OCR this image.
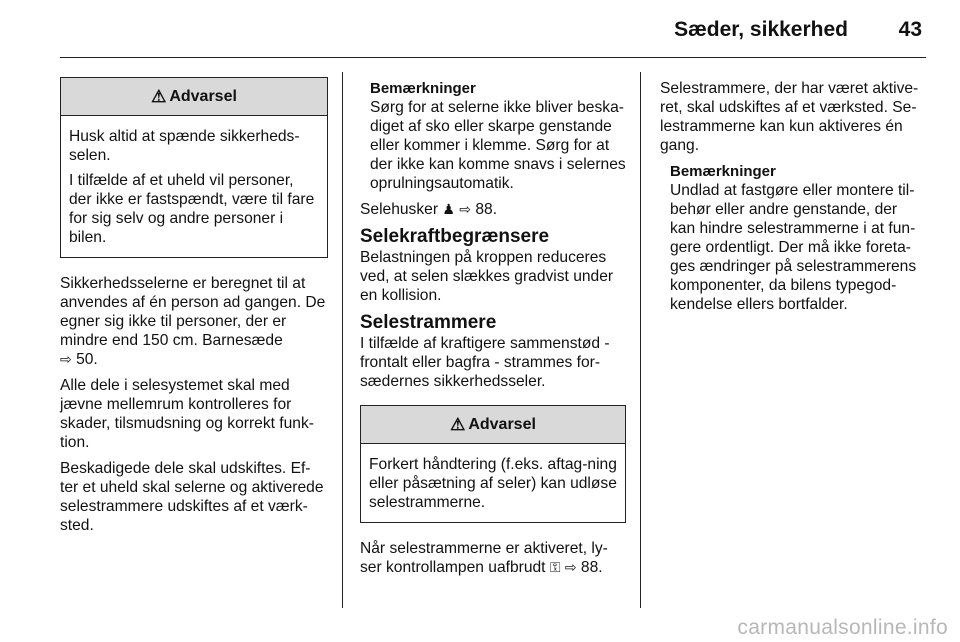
Sæder, sikkerhed 43
⚠ Advarsel

Husk altid at spænde sikkerheds-selen.

I tilfælde af et uheld vil personer, der ikke er fastspændt, være til fare for sig selv og andre personer i bilen.

Sikkerhedsselerne er beregnet til at anvendes af én person ad gangen. De egner sig ikke til personer, der er mindre end 150 cm. Barnesæde
⇨ 50.

Alle dele i selesystemet skal med jævne mellemrum kontrolleres for skader, tilsmudsning og korrekt funk-tion.

Beskadigede dele skal udskiftes. Ef-ter et uheld skal selerne og aktiverede selestrammere udskiftes af et værk-sted.

Bemærkninger

Sørg for at selerne ikke bliver beska-diget af sko eller skarpe genstande eller kommer i klemme. Sørg for at der ikke kan komme snavs i selernes oprulningsautomatik.

Selehusker ♟ ⇨ 88.

Selekraftbegrænsere

Belastningen på kroppen reduceres ved, at selen slækkes gradvist under en kollision.

Selestrammere

I tilfælde af kraftigere sammenstød - frontalt eller bagfra - strammes for-sædernes sikkerhedsseler.

⚠ Advarsel

Forkert håndtering (f.eks. aftag-ning eller påsætning af seler) kan udløse selestrammerne.

Når selestrammerne er aktiveret, ly-ser kontrollampen uafbrudt ⚿ ⇨ 88.

Selestrammere, der har været aktive-ret, skal udskiftes af et værksted. Se-lestrammerne kan kun aktiveres én gang.

Bemærkninger

Undlad at fastgøre eller montere til-behør eller andre genstande, der kan hindre selestrammerne i at fun-gere ordentligt. Der må ikke foreta-ges ændringer på selestrammerens komponenter, da bilens typegod-kendelse ellers bortfalder.

carmanualsonline.info
